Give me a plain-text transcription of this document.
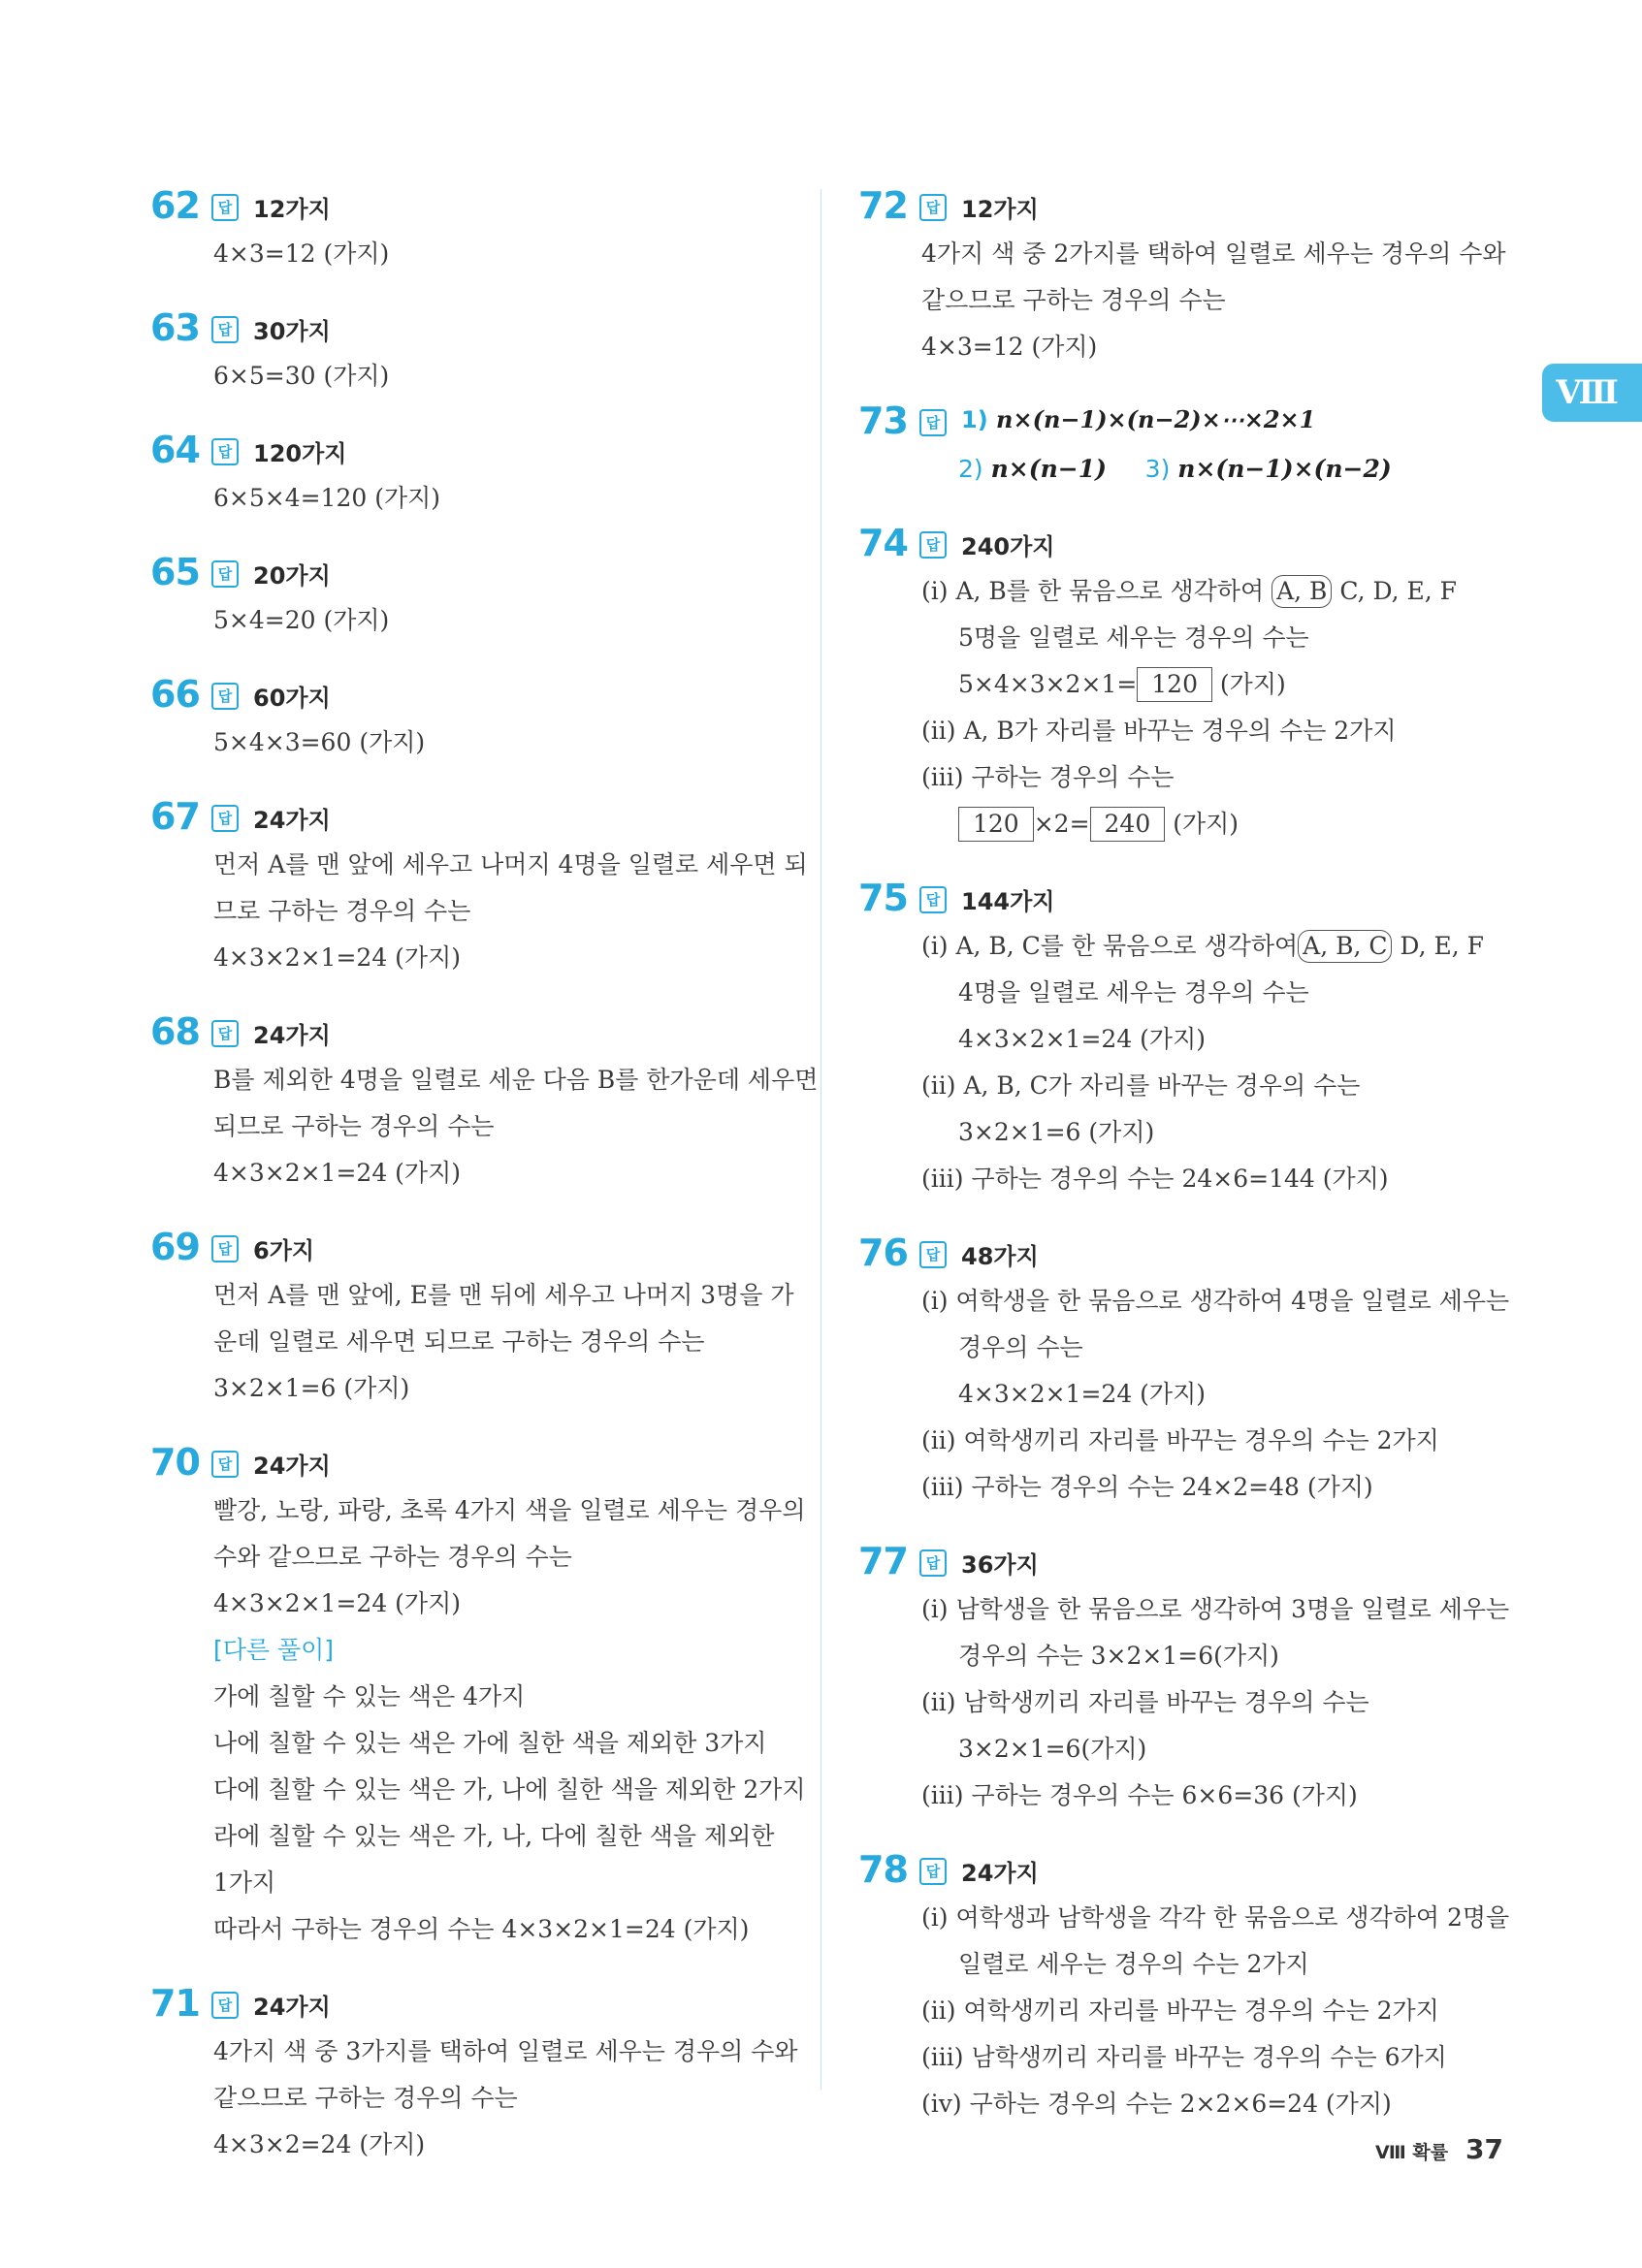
Ⅷ
62	답 12가지
4×3=12 (가지)
63	답 30가지
6×5=30 (가지)
64	답 120가지
6×5×4=120 (가지)
65	답 20가지
5×4=20 (가지)
66	답 60가지
5×4×3=60 (가지)
67	답 24가지
먼저 A를 맨 앞에 세우고 나머지 4명을 일렬로 세우면 되
므로 구하는 경우의 수는
4×3×2×1=24 (가지)
68	답 24가지
B를 제외한 4명을 일렬로 세운 다음 B를 한가운데 세우면
되므로 구하는 경우의 수는
4×3×2×1=24 (가지)
69	답 6가지
먼저 A를 맨 앞에, E를 맨 뒤에 세우고 나머지 3명을 가
운데 일렬로 세우면 되므로 구하는 경우의 수는
3×2×1=6 (가지)
70	답 24가지
빨강, 노랑, 파랑, 초록 4가지 색을 일렬로 세우는 경우의
수와 같으므로 구하는 경우의 수는
4×3×2×1=24 (가지)
[다른 풀이]
가에 칠할 수 있는 색은 4가지
나에 칠할 수 있는 색은 가에 칠한 색을 제외한 3가지
다에 칠할 수 있는 색은 가, 나에 칠한 색을 제외한 2가지
라에 칠할 수 있는 색은 가, 나, 다에 칠한 색을 제외한
1가지
따라서 구하는 경우의 수는 4×3×2×1=24 (가지)
71	답 24가지
4가지 색 중 3가지를 택하여 일렬로 세우는 경우의 수와
같으므로 구하는 경우의 수는
4×3×2=24 (가지)
72	답 12가지
4가지 색 중 2가지를 택하여 일렬로 세우는 경우의 수와
같으므로 구하는 경우의 수는
4×3=12 (가지)
73	답 1) n×(n−1)×(n−2)×⋯×2×1
2) n×(n−1) 3) n×(n−1)×(n−2)
74	답 240가지
(ⅰ) A, B를 한 묶음으로 생각하여 A, B C, D, E, F
5명을 일렬로 세우는 경우의 수는
5×4×3×2×1= 120 (가지)
(ⅱ) A, B가 자리를 바꾸는 경우의 수는 2가지
(ⅲ) 구하는 경우의 수는
120 ×2= 240 (가지)
75	답 144가지
(ⅰ) A, B, C를 한 묶음으로 생각하여 A, B, C D, E, F
4명을 일렬로 세우는 경우의 수는
4×3×2×1=24 (가지)
(ⅱ) A, B, C가 자리를 바꾸는 경우의 수는
3×2×1=6 (가지)
(ⅲ) 구하는 경우의 수는 24×6=144 (가지)
76	답 48가지
(ⅰ) 여학생을 한 묶음으로 생각하여 4명을 일렬로 세우는
경우의 수는
4×3×2×1=24 (가지)
(ⅱ) 여학생끼리 자리를 바꾸는 경우의 수는 2가지
(ⅲ) 구하는 경우의 수는 24×2=48 (가지)
77	답 36가지
(ⅰ) 남학생을 한 묶음으로 생각하여 3명을 일렬로 세우는
경우의 수는 3×2×1=6(가지)
(ⅱ) 남학생끼리 자리를 바꾸는 경우의 수는
3×2×1=6(가지)
(ⅲ) 구하는 경우의 수는 6×6=36 (가지)
78	답 24가지
(ⅰ) 여학생과 남학생을 각각 한 묶음으로 생각하여 2명을
일렬로 세우는 경우의 수는 2가지
(ⅱ) 여학생끼리 자리를 바꾸는 경우의 수는 2가지
(ⅲ) 남학생끼리 자리를 바꾸는 경우의 수는 6가지
(ⅳ) 구하는 경우의 수는 2×2×6=24 (가지)
Ⅷ 확률 37
